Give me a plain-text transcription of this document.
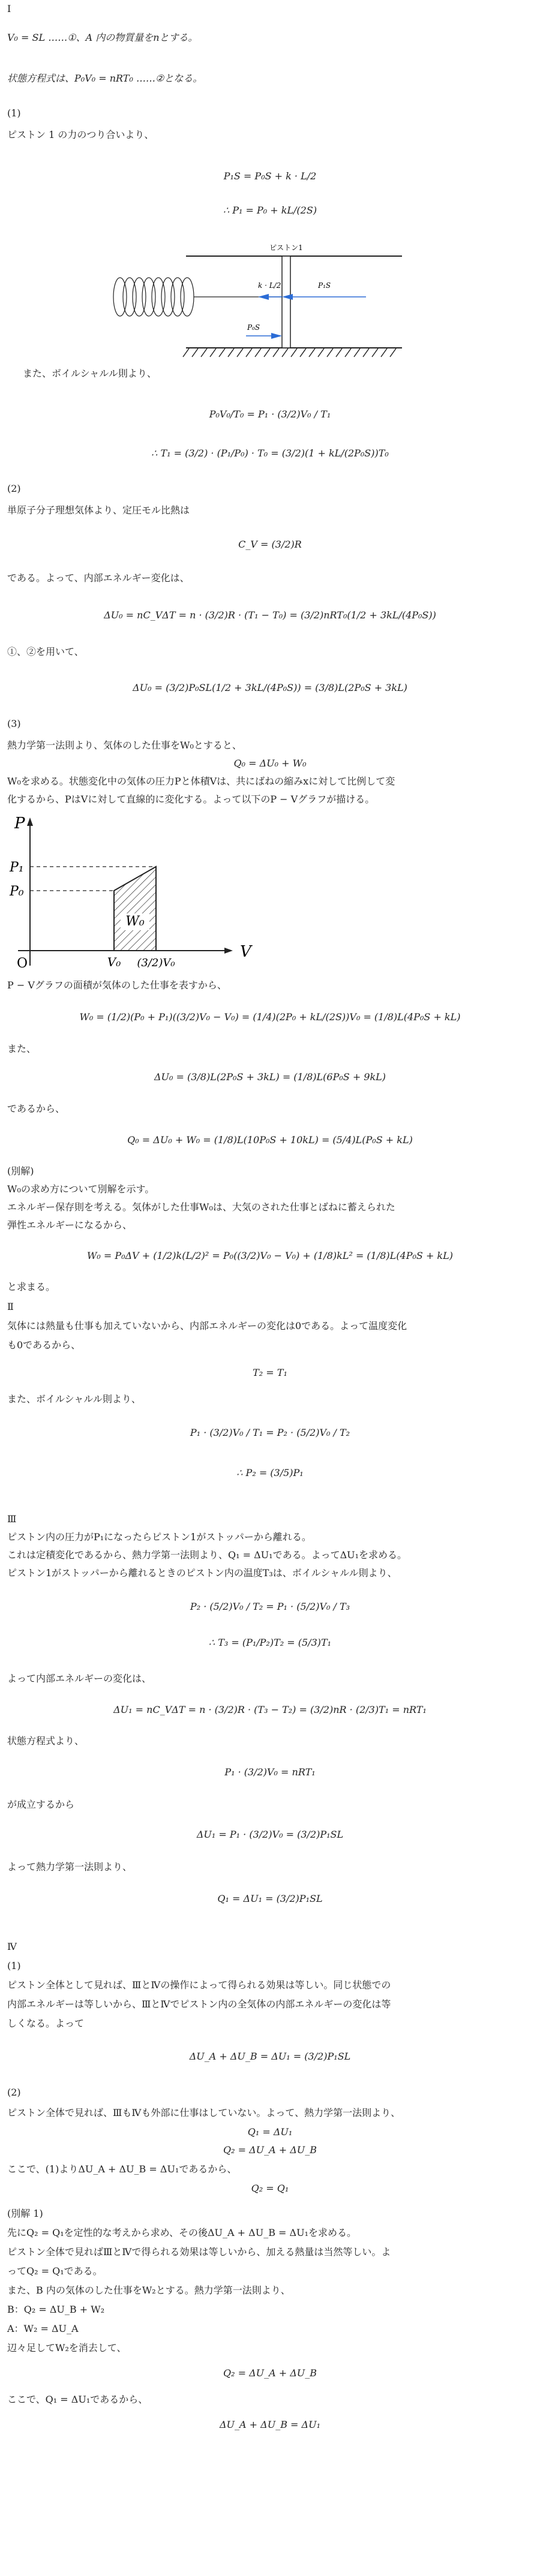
Ⅰ
V₀ = SL ……①、A 内の物質量をnとする。
状態方程式は、P₀V₀ = nRT₀ ……②となる。
(1)
ピストン 1 の力のつり合いより、
P₁S = P₀S + k · L/2
∴ P₁ = P₀ + kL/(2S)
ピストン1
k · L/2	P₁S
P₀S
また、ボイルシャルル則より、
P₀V₀/T₀ = P₁ · (3/2)V₀ / T₁
∴ T₁ = (3/2) · (P₁/P₀) · T₀ = (3/2)(1 + kL/(2P₀S))T₀
(2)
単原子分子理想気体より、定圧モル比熱は
C_V = (3/2)R
である。よって、内部エネルギー変化は、
ΔU₀ = nC_VΔT = n · (3/2)R · (T₁ − T₀) = (3/2)nRT₀(1/2 + 3kL/(4P₀S))
①、②を用いて、
ΔU₀ = (3/2)P₀SL(1/2 + 3kL/(4P₀S)) = (3/8)L(2P₀S + 3kL)
(3)
熱力学第一法則より、気体のした仕事をW₀とすると、
Q₀ = ΔU₀ + W₀
W₀を求める。状態変化中の気体の圧力Pと体積Vは、共にばねの縮みxに対して比例して変
化するから、PはVに対して直線的に変化する。よって以下のP − Vグラフが描ける。
P
V
O
P₁
P₀
V₀ (3/2)V₀
W₀
P − Vグラフの面積が気体のした仕事を表すから、
W₀ = (1/2)(P₀ + P₁)((3/2)V₀ − V₀) = (1/4)(2P₀ + kL/(2S))V₀ = (1/8)L(4P₀S + kL)
また、
ΔU₀ = (3/8)L(2P₀S + 3kL) = (1/8)L(6P₀S + 9kL)
であるから、
Q₀ = ΔU₀ + W₀ = (1/8)L(10P₀S + 10kL) = (5/4)L(P₀S + kL)
(別解)
W₀の求め方について別解を示す。
エネルギー保存則を考える。気体がした仕事W₀は、大気のされた仕事とばねに蓄えられた
弾性エネルギーになるから、
W₀ = P₀ΔV + (1/2)k(L/2)² = P₀((3/2)V₀ − V₀) + (1/8)kL² = (1/8)L(4P₀S + kL)
と求まる。
Ⅱ
気体には熱量も仕事も加えていないから、内部エネルギーの変化は0である。よって温度変化
も0であるから、
T₂ = T₁
また、ボイルシャルル則より、
P₁ · (3/2)V₀ / T₁ = P₂ · (5/2)V₀ / T₂
∴ P₂ = (3/5)P₁
Ⅲ
ピストン内の圧力がP₁になったらピストン1がストッパーから離れる。
これは定積変化であるから、熱力学第一法則より、Q₁ = ΔU₁である。よってΔU₁を求める。
ピストン1がストッパーから離れるときのピストン内の温度T₃は、ボイルシャルル則より、
P₂ · (5/2)V₀ / T₂ = P₁ · (5/2)V₀ / T₃
∴ T₃ = (P₁/P₂)T₂ = (5/3)T₁
よって内部エネルギーの変化は、
ΔU₁ = nC_VΔT = n · (3/2)R · (T₃ − T₂) = (3/2)nR · (2/3)T₁ = nRT₁
状態方程式より、
P₁ · (3/2)V₀ = nRT₁
が成立するから
ΔU₁ = P₁ · (3/2)V₀ = (3/2)P₁SL
よって熱力学第一法則より、
Q₁ = ΔU₁ = (3/2)P₁SL
Ⅳ
(1)
ピストン全体として見れば、ⅢとⅣの操作によって得られる効果は等しい。同じ状態での
内部エネルギーは等しいから、ⅢとⅣでピストン内の全気体の内部エネルギーの変化は等
しくなる。よって
ΔU_A + ΔU_B = ΔU₁ = (3/2)P₁SL
(2)
ピストン全体で見れば、ⅢもⅣも外部に仕事はしていない。よって、熱力学第一法則より、
Q₁ = ΔU₁
Q₂ = ΔU_A + ΔU_B
ここで、(1)よりΔU_A + ΔU_B = ΔU₁であるから、
Q₂ = Q₁
(別解 1)
先にQ₂ = Q₁を定性的な考えから求め、その後ΔU_A + ΔU_B = ΔU₁を求める。
ピストン全体で見ればⅢとⅣで得られる効果は等しいから、加える熱量は当然等しい。よ
ってQ₂ = Q₁である。
また、B 内の気体のした仕事をW₂とする。熱力学第一法則より、
B：Q₂ = ΔU_B + W₂
A：W₂ = ΔU_A
辺々足してW₂を消去して、
Q₂ = ΔU_A + ΔU_B
ここで、Q₁ = ΔU₁であるから、
ΔU_A + ΔU_B = ΔU₁
